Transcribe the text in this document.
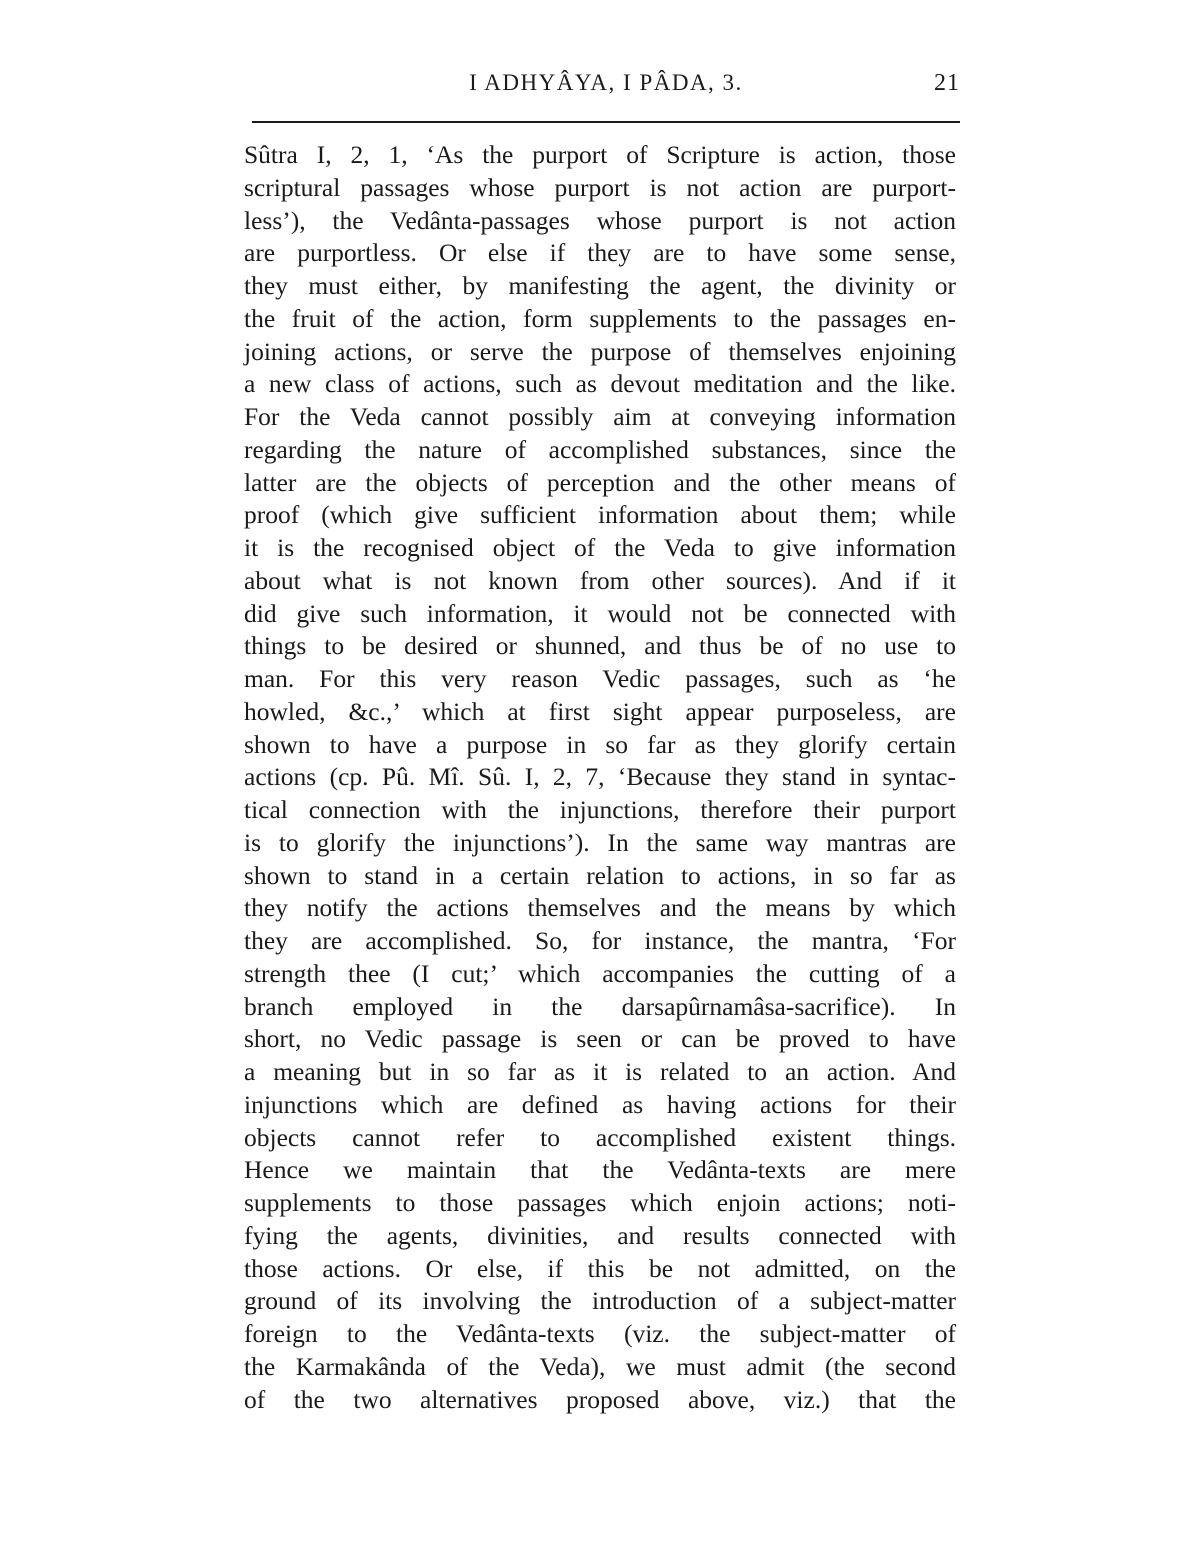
I ADHYÂYA, I PÂDA, 3.	21
Sûtra I, 2, 1, ‘As the purport of Scripture is action, those
scriptural passages whose purport is not action are purport-
less’), the Vedânta-passages whose purport is not action
are purportless. Or else if they are to have some sense,
they must either, by manifesting the agent, the divinity or
the fruit of the action, form supplements to the passages en-
joining actions, or serve the purpose of themselves enjoining
a new class of actions, such as devout meditation and the like.
For the Veda cannot possibly aim at conveying information
regarding the nature of accomplished substances, since the
latter are the objects of perception and the other means of
proof (which give sufficient information about them; while
it is the recognised object of the Veda to give information
about what is not known from other sources). And if it
did give such information, it would not be connected with
things to be desired or shunned, and thus be of no use to
man. For this very reason Vedic passages, such as ‘he
howled, &c.,’ which at first sight appear purposeless, are
shown to have a purpose in so far as they glorify certain
actions (cp. Pû. Mî. Sû. I, 2, 7, ‘Because they stand in syntac-
tical connection with the injunctions, therefore their purport
is to glorify the injunctions’). In the same way mantras are
shown to stand in a certain relation to actions, in so far as
they notify the actions themselves and the means by which
they are accomplished. So, for instance, the mantra, ‘For
strength thee (I cut;’ which accompanies the cutting of a
branch employed in the darsapûrnamâsa-sacrifice). In
short, no Vedic passage is seen or can be proved to have
a meaning but in so far as it is related to an action. And
injunctions which are defined as having actions for their
objects cannot refer to accomplished existent things.
Hence we maintain that the Vedânta-texts are mere
supplements to those passages which enjoin actions; noti-
fying the agents, divinities, and results connected with
those actions. Or else, if this be not admitted, on the
ground of its involving the introduction of a subject-matter
foreign to the Vedânta-texts (viz. the subject-matter of
the Karmakânda of the Veda), we must admit (the second
of the two alternatives proposed above, viz.) that the
